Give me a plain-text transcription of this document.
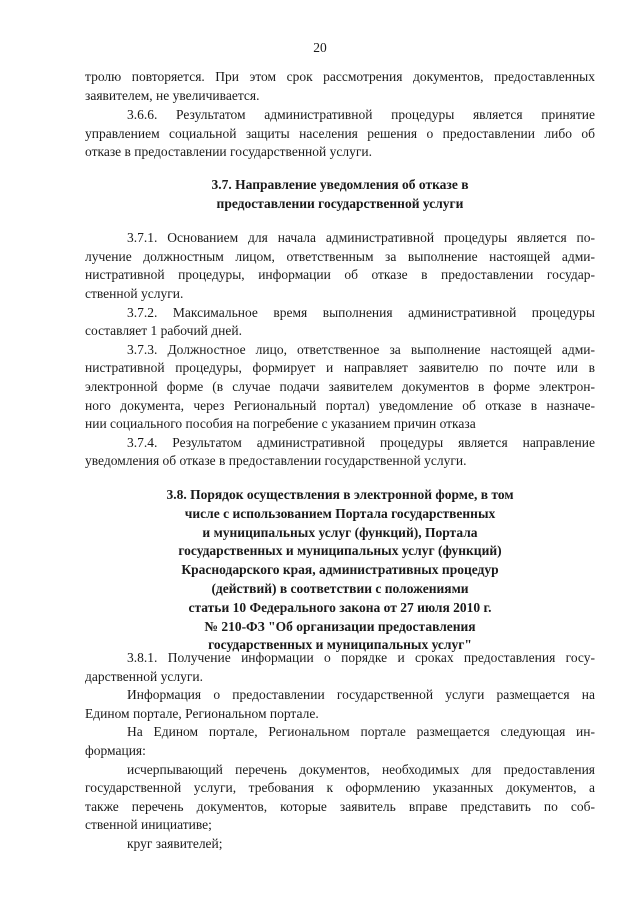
20

тролю повторяется. При этом срок рассмотрения документов, предоставленных

заявителем, не увеличивается.

3.6.6. Результатом административной процедуры является принятие

управлением социальной защиты населения решения о предоставлении либо об

отказе в предоставлении государственной услуги.

3.7. Направление уведомления об отказе в
предоставлении государственной услуги

3.7.1. Основанием для начала административной процедуры является по-

лучение должностным лицом, ответственным за выполнение настоящей адми-

нистративной процедуры, информации об отказе в предоставлении государ-

ственной услуги.

3.7.2. Максимальное время выполнения административной процедуры

составляет 1 рабочий дней.

3.7.3. Должностное лицо, ответственное за выполнение настоящей адми-

нистративной процедуры, формирует и направляет заявителю по почте или в

электронной форме (в случае подачи заявителем документов в форме электрон-

ного документа, через Региональный портал) уведомление об отказе в назначе-

нии социального пособия на погребение с указанием причин отказа

3.7.4. Результатом административной процедуры является направление

уведомления об отказе в предоставлении государственной услуги.

3.8. Порядок осуществления в электронной форме, в том
числе с использованием Портала государственных
и муниципальных услуг (функций), Портала
государственных и муниципальных услуг (функций)
Краснодарского края, административных процедур
(действий) в соответствии с положениями
статьи 10 Федерального закона от 27 июля 2010 г.
№ 210-ФЗ "Об организации предоставления
государственных и муниципальных услуг"

3.8.1. Получение информации о порядке и сроках предоставления госу-

дарственной услуги.

Информация о предоставлении государственной услуги размещается на

Едином портале, Региональном портале.

На Едином портале, Региональном портале размещается следующая ин-

формация:

исчерпывающий перечень документов, необходимых для предоставления

государственной услуги, требования к оформлению указанных документов, а

также перечень документов, которые заявитель вправе представить по соб-

ственной инициативе;

круг заявителей;
